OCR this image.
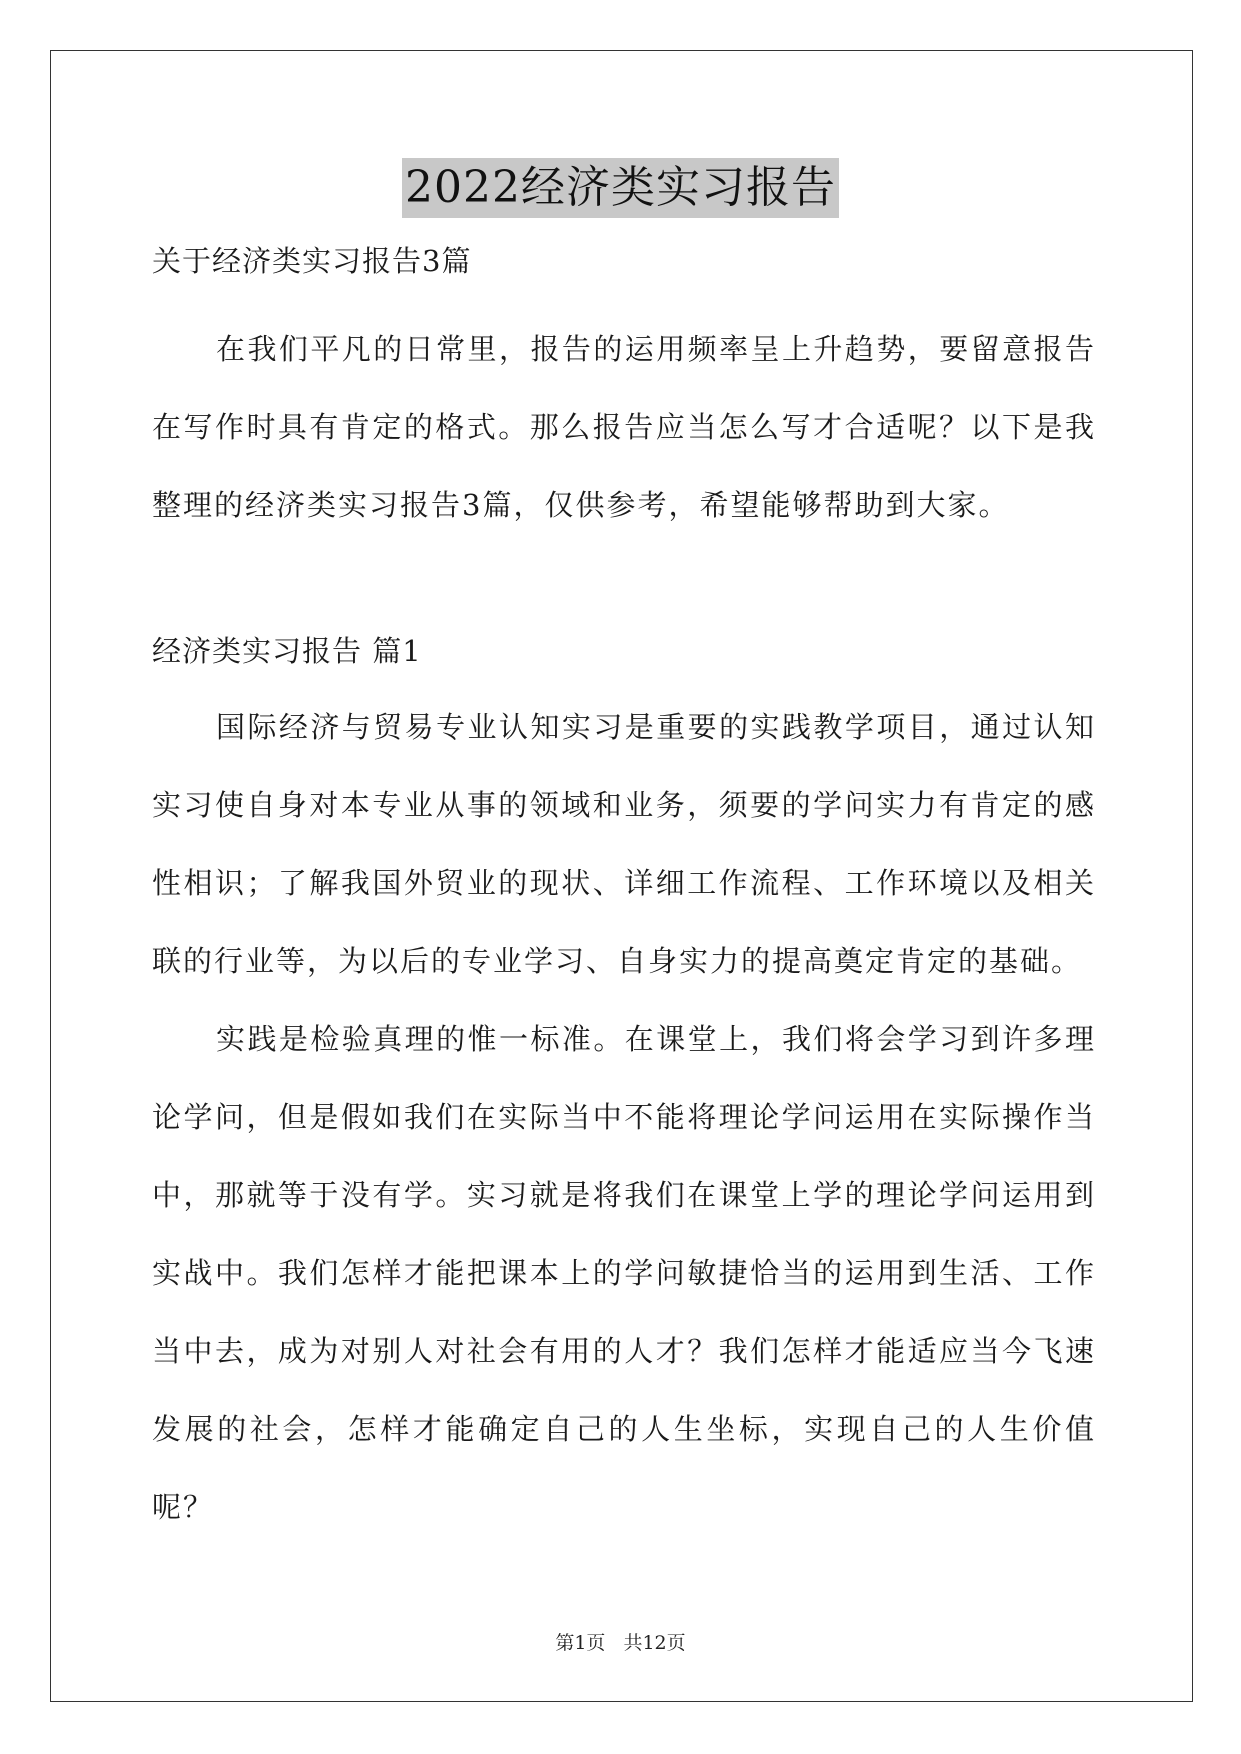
2022经济类实习报告

关于经济类实习报告3篇

在我们平凡的日常里，报告的运用频率呈上升趋势，要留意报告在写作时具有肯定的格式。那么报告应当怎么写才合适呢？以下是我整理的经济类实习报告3篇，仅供参考，希望能够帮助到大家。

经济类实习报告 篇1

国际经济与贸易专业认知实习是重要的实践教学项目，通过认知实习使自身对本专业从事的领域和业务，须要的学问实力有肯定的感性相识；了解我国外贸业的现状、详细工作流程、工作环境以及相关联的行业等，为以后的专业学习、自身实力的提高奠定肯定的基础。

实践是检验真理的惟一标准。在课堂上，我们将会学习到许多理论学问，但是假如我们在实际当中不能将理论学问运用在实际操作当中，那就等于没有学。实习就是将我们在课堂上学的理论学问运用到实战中。我们怎样才能把课本上的学问敏捷恰当的运用到生活、工作当中去，成为对别人对社会有用的人才？我们怎样才能适应当今飞速发展的社会，怎样才能确定自己的人生坐标，实现自己的人生价值呢？

第1页 共12页
